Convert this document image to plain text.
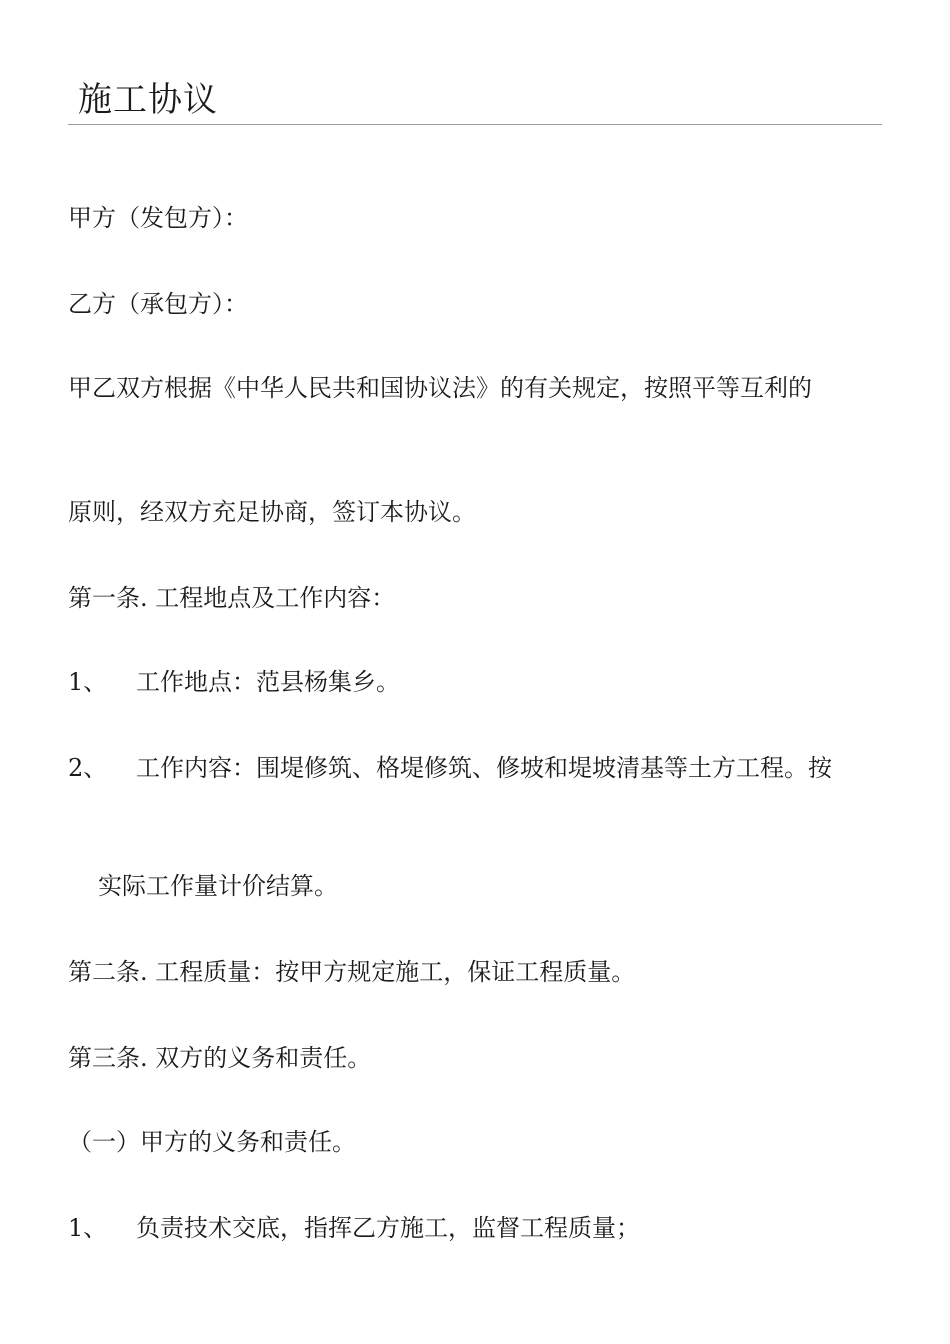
施工协议
甲方（发包方）：
乙方（承包方）：
甲乙双方根据《中华人民共和国协议法》的有关规定，按照平等互利的
原则，经双方充足协商，签订本协议。
第一条. 工程地点及工作内容：
1、 工作地点：范县杨集乡。
2、 工作内容：围堤修筑、格堤修筑、修坡和堤坡清基等土方工程。按
实际工作量计价结算。
第二条. 工程质量：按甲方规定施工，保证工程质量。
第三条. 双方的义务和责任。
（一）甲方的义务和责任。
1、 负责技术交底，指挥乙方施工，监督工程质量；
